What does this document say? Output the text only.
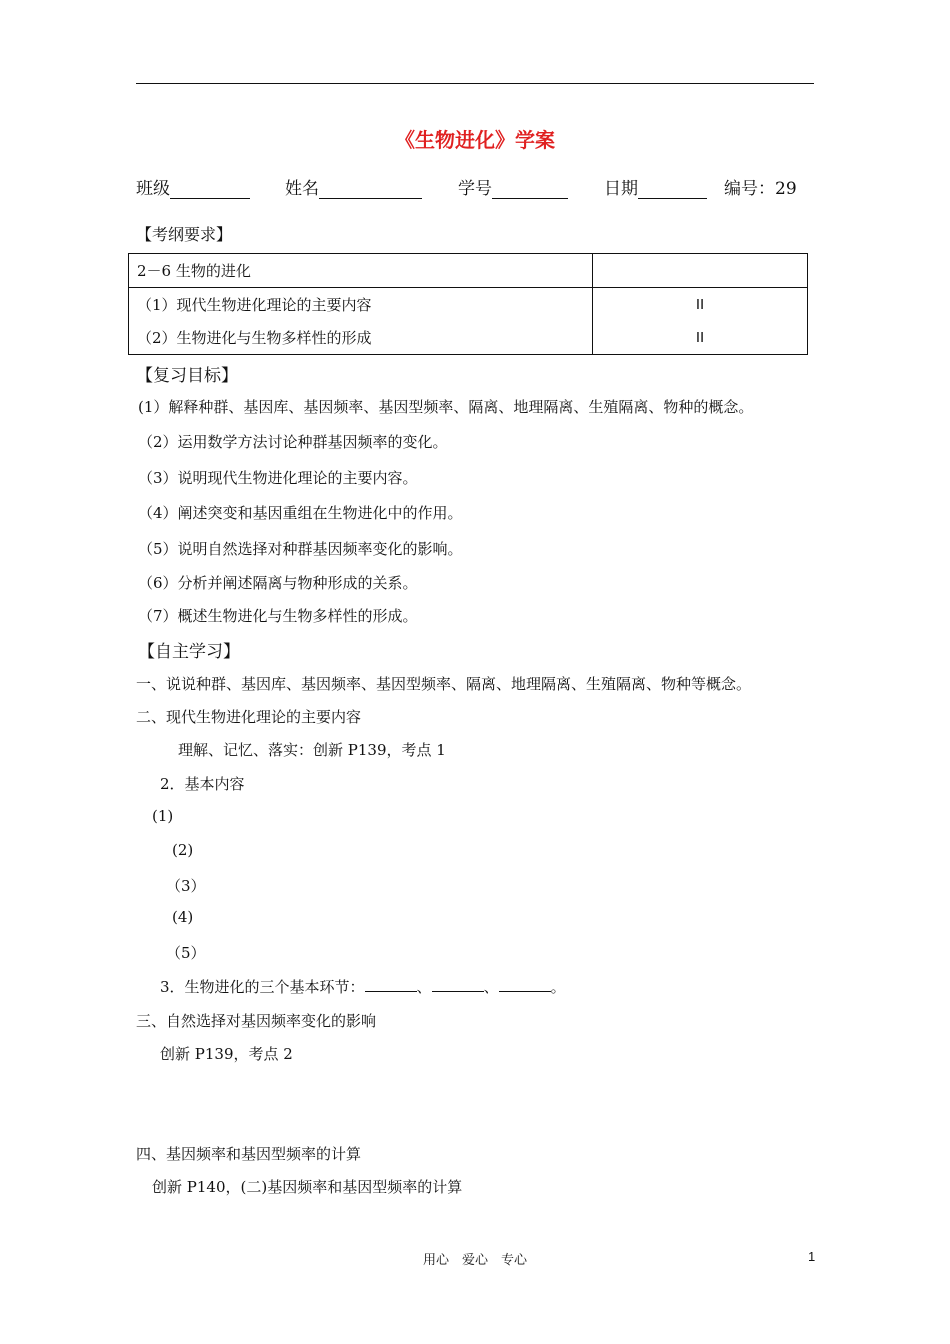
《生物进化》学案
班级	姓名	学号	日期	编号：29
【考纲要求】
2－6 生物的进化	
（1）现代生物进化理论的主要内容	II
（2）生物进化与生物多样性的形成	II
【复习目标】
(1）解释种群、基因库、基因频率、基因型频率、隔离、地理隔离、生殖隔离、物种的概念。
（2）运用数学方法讨论种群基因频率的变化。
（3）说明现代生物进化理论的主要内容。
（4）阐述突变和基因重组在生物进化中的作用。
（5）说明自然选择对种群基因频率变化的影响。
（6）分析并阐述隔离与物种形成的关系。
（7）概述生物进化与生物多样性的形成。
【自主学习】
一、说说种群、基因库、基因频率、基因型频率、隔离、地理隔离、生殖隔离、物种等概念。
二、现代生物进化理论的主要内容
理解、记忆、落实：创新 P139，考点 1
2．基本内容
(1)
(2)
（3）
(4)
（5）
3．生物进化的三个基本环节：	、	、	。
三、自然选择对基因频率变化的影响
创新 P139，考点 2
四、基因频率和基因型频率的计算
创新 P140，(二)基因频率和基因型频率的计算
用心　爱心　专心	1
